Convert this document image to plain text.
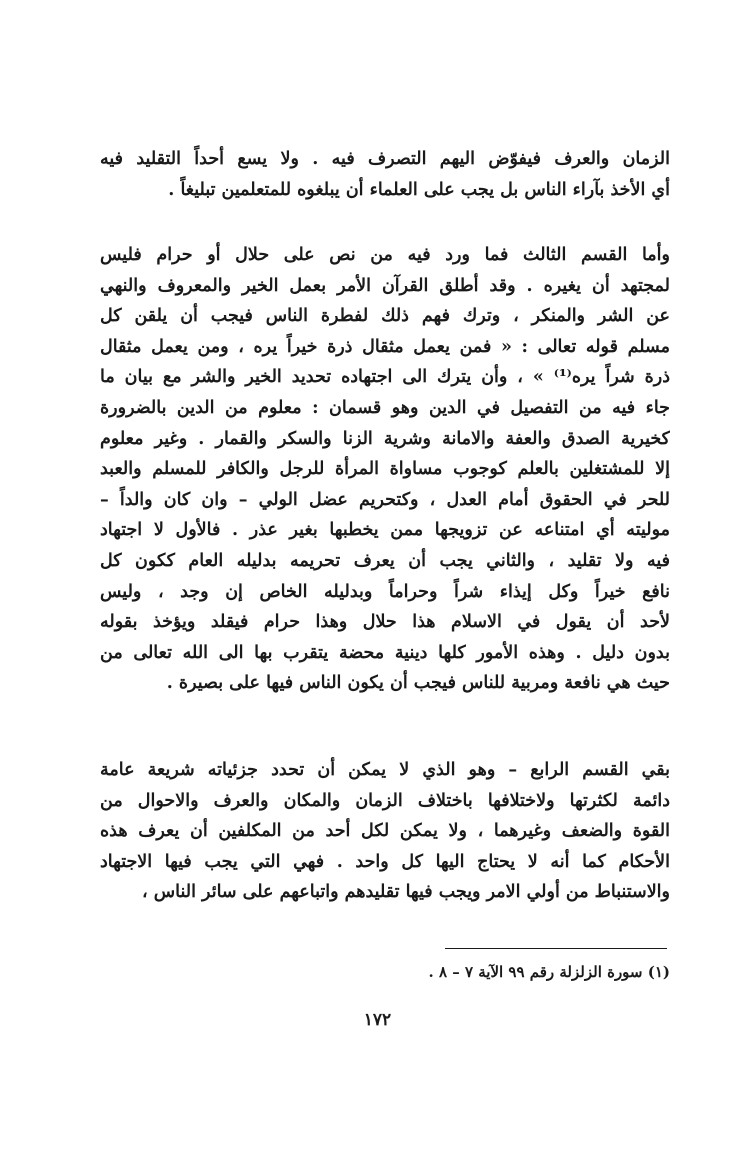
الزمان والعرف فيفوّض اليهم التصرف فيه . ولا يسع أحداً التقليد فيه
أي الأخذ بآراء الناس بل يجب على العلماء أن يبلغوه للمتعلمين تبليغاً .
وأما القسم الثالث فما ورد فيه من نص على حلال أو حرام فليس
لمجتهد أن يغيره . وقد أطلق القرآن الأمر بعمل الخير والمعروف والنهي
عن الشر والمنكر ، وترك فهم ذلك لفطرة الناس فيجب أن يلقن كل
مسلم قوله تعالى : « فمن يعمل مثقال ذرة خيراً يره ، ومن يعمل مثقال
ذرة شراً يره⁽¹⁾ » ، وأن يترك الى اجتهاده تحديد الخير والشر مع بيان ما
جاء فيه من التفصيل في الدين وهو قسمان : معلوم من الدين بالضرورة
كخيرية الصدق والعفة والامانة وشرية الزنا والسكر والقمار . وغير معلوم
إلا للمشتغلين بالعلم كوجوب مساواة المرأة للرجل والكافر للمسلم والعبد
للحر في الحقوق أمام العدل ، وكتحريم عضل الولي – وان كان والداً –
موليته أي امتناعه عن تزويجها ممن يخطبها بغير عذر . فالأول لا اجتهاد
فيه ولا تقليد ، والثاني يجب أن يعرف تحريمه بدليله العام ككون كل
نافع خيراً وكل إيذاء شراً وحراماً وبدليله الخاص إن وجد ، وليس
لأحد أن يقول في الاسلام هذا حلال وهذا حرام فيقلد ويؤخذ بقوله
بدون دليل . وهذه الأمور كلها دينية محضة يتقرب بها الى الله تعالى من
حيث هي نافعة ومربية للناس فيجب أن يكون الناس فيها على بصيرة .
بقي القسم الرابع – وهو الذي لا يمكن أن تحدد جزئياته شريعة عامة
دائمة لكثرتها ولاختلافها باختلاف الزمان والمكان والعرف والاحوال من
القوة والضعف وغيرهما ، ولا يمكن لكل أحد من المكلفين أن يعرف هذه
الأحكام كما أنه لا يحتاج اليها كل واحد . فهي التي يجب فيها الاجتهاد
والاستنباط من أولي الامر ويجب فيها تقليدهم واتباعهم على سائر الناس ،
(١) سورة الزلزلة رقم ٩٩ الآية ٧ – ٨ .
١٧٢
